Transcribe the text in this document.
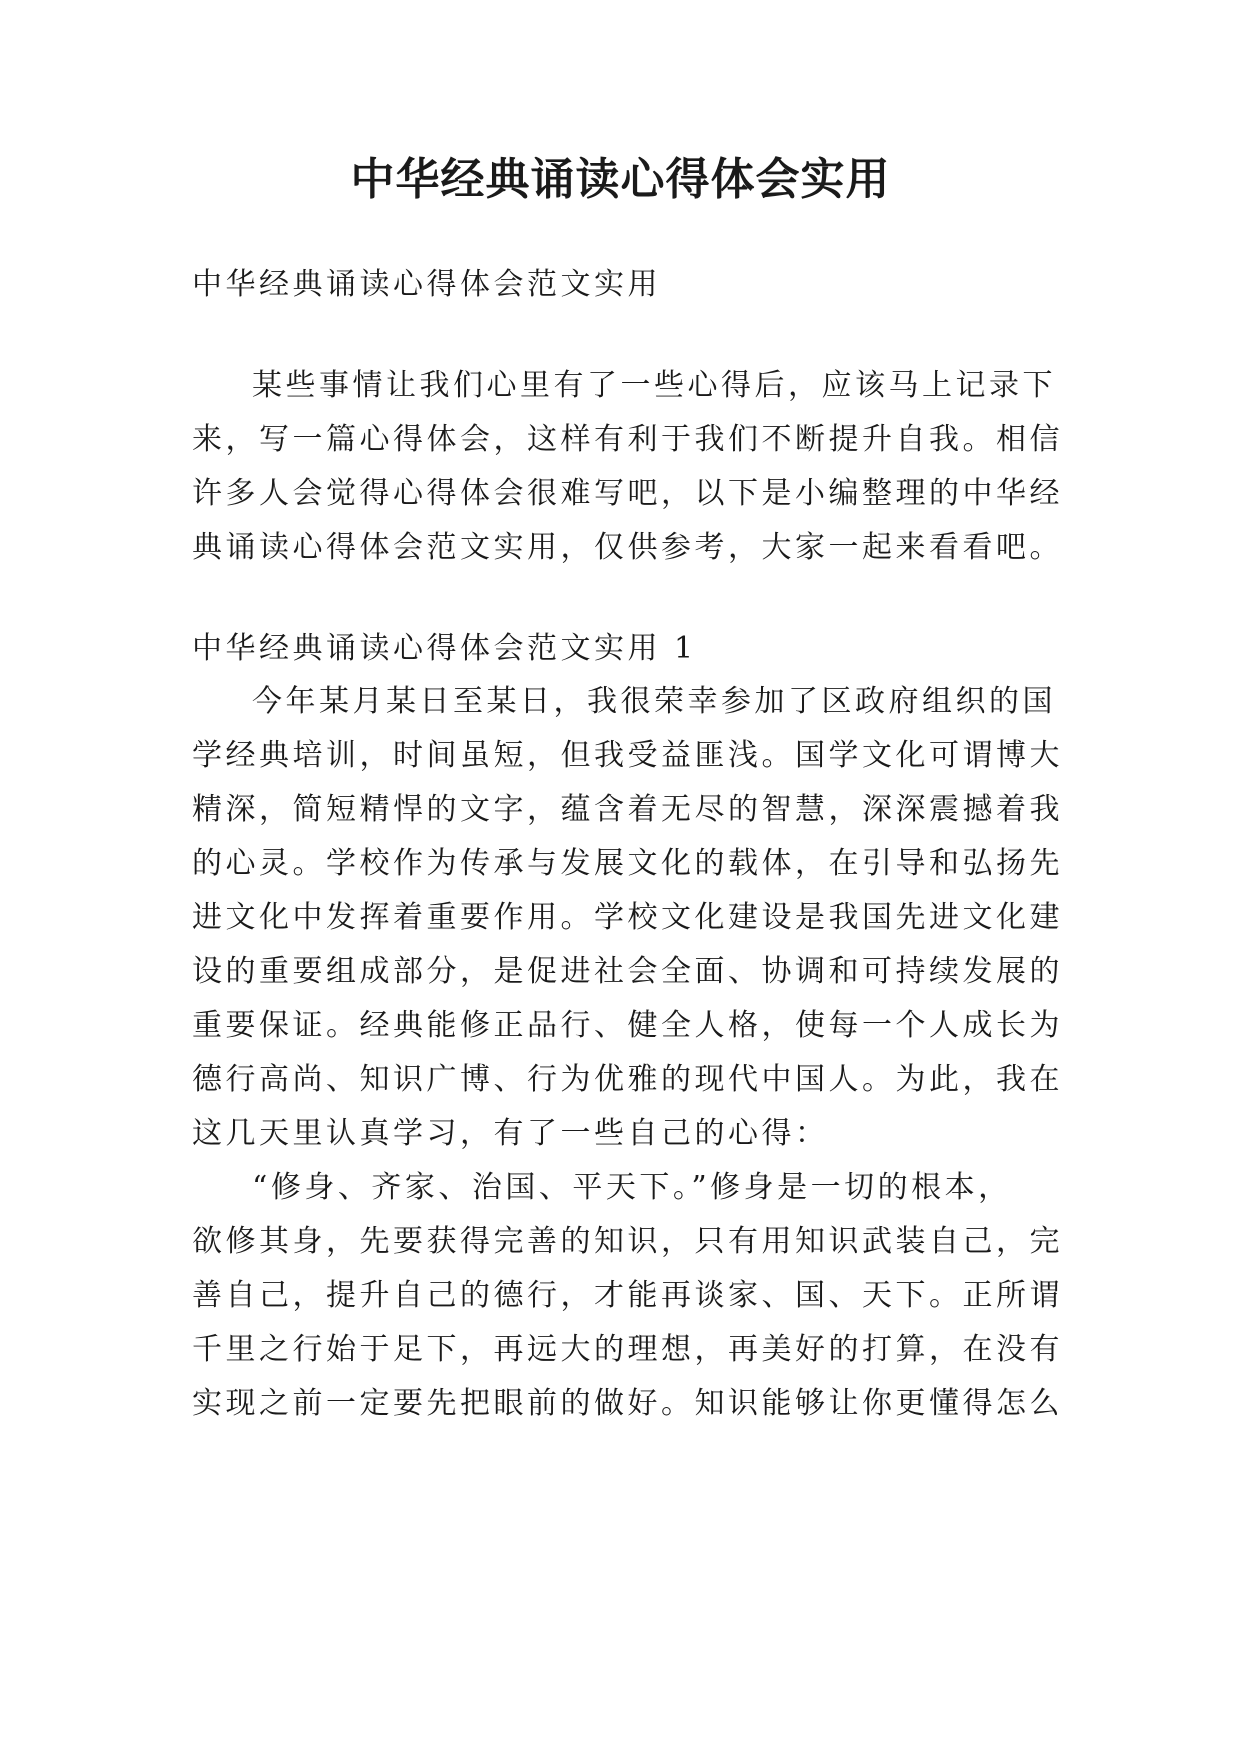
中华经典诵读心得体会实用

中华经典诵读心得体会范文实用

某些事情让我们心里有了一些心得后，应该马上记录下

来，写一篇心得体会，这样有利于我们不断提升自我。相信

许多人会觉得心得体会很难写吧，以下是小编整理的中华经

典诵读心得体会范文实用，仅供参考，大家一起来看看吧。

中华经典诵读心得体会范文实用 1

今年某月某日至某日，我很荣幸参加了区政府组织的国

学经典培训，时间虽短，但我受益匪浅。国学文化可谓博大

精深，简短精悍的文字，蕴含着无尽的智慧，深深震撼着我

的心灵。学校作为传承与发展文化的载体，在引导和弘扬先

进文化中发挥着重要作用。学校文化建设是我国先进文化建

设的重要组成部分，是促进社会全面、协调和可持续发展的

重要保证。经典能修正品行、健全人格，使每一个人成长为

德行高尚、知识广博、行为优雅的现代中国人。为此，我在

这几天里认真学习，有了一些自己的心得：

“修身、齐家、治国、平天下。”修身是一切的根本，

欲修其身，先要获得完善的知识，只有用知识武装自己，完

善自己，提升自己的德行，才能再谈家、国、天下。正所谓

千里之行始于足下，再远大的理想，再美好的打算，在没有

实现之前一定要先把眼前的做好。知识能够让你更懂得怎么
